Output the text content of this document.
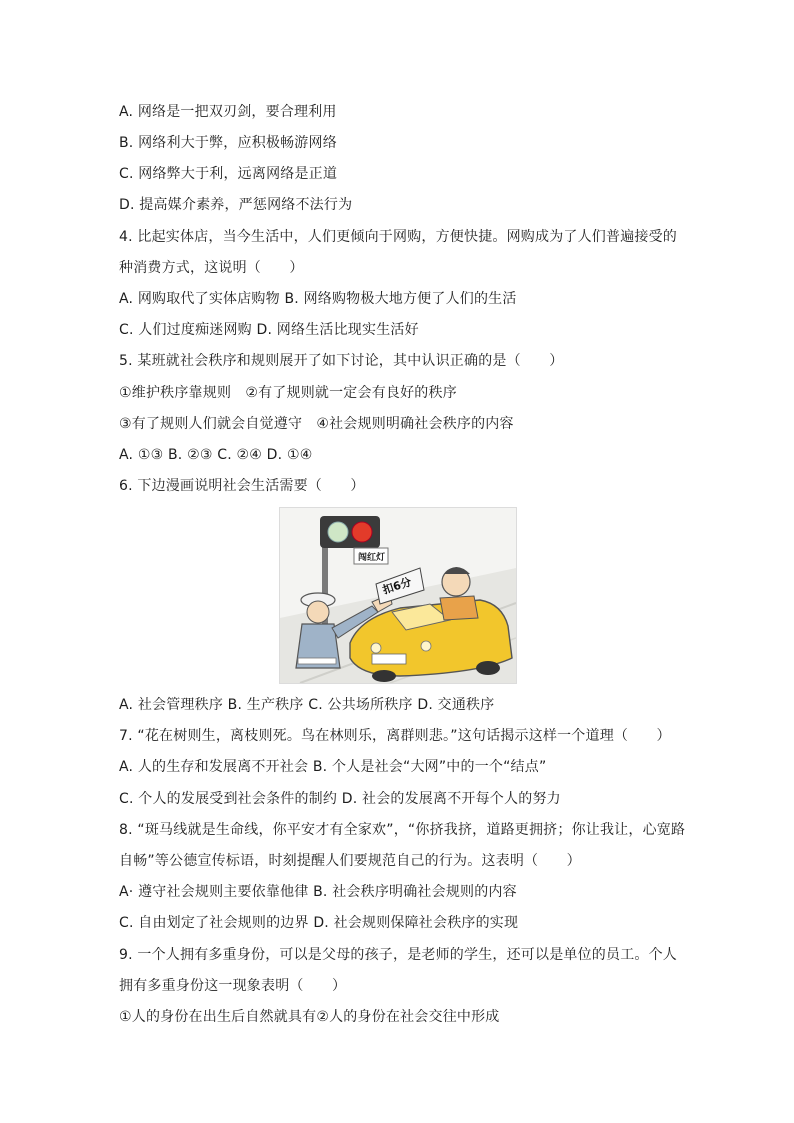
A. 网络是一把双刃剑，要合理利用

B. 网络利大于弊，应积极畅游网络

C. 网络弊大于利，远离网络是正道

D. 提高媒介素养，严惩网络不法行为

4. 比起实体店，当今生活中，人们更倾向于网购，方便快捷。网购成为了人们普遍接受的

种消费方式，这说明（　　）

A. 网购取代了实体店购物 B. 网络购物极大地方便了人们的生活

C. 人们过度痴迷网购 D. 网络生活比现实生活好

5. 某班就社会秩序和规则展开了如下讨论，其中认识正确的是（　　）

①维护秩序靠规则　②有了规则就一定会有良好的秩序

③有了规则人们就会自觉遵守　④社会规则明确社会秩序的内容

A. ①③ B. ②③ C. ②④ D. ①④

6. 下边漫画说明社会生活需要（　　）

闯红灯
扣6分

A. 社会管理秩序 B. 生产秩序 C. 公共场所秩序 D. 交通秩序

7. “花在树则生，离枝则死。鸟在林则乐，离群则悲。”这句话揭示这样一个道理（　　）

A. 人的生存和发展离不开社会 B. 个人是社会“大网”中的一个“结点”

C. 个人的发展受到社会条件的制约 D. 社会的发展离不开每个人的努力

8. “斑马线就是生命线，你平安才有全家欢”，“你挤我挤，道路更拥挤；你让我让，心宽路

自畅”等公德宣传标语，时刻提醒人们要规范自己的行为。这表明（　　）

A· 遵守社会规则主要依靠他律 B. 社会秩序明确社会规则的内容

C. 自由划定了社会规则的边界 D. 社会规则保障社会秩序的实现

9. 一个人拥有多重身份，可以是父母的孩子，是老师的学生，还可以是单位的员工。个人

拥有多重身份这一现象表明（　　）

①人的身份在出生后自然就具有②人的身份在社会交往中形成
